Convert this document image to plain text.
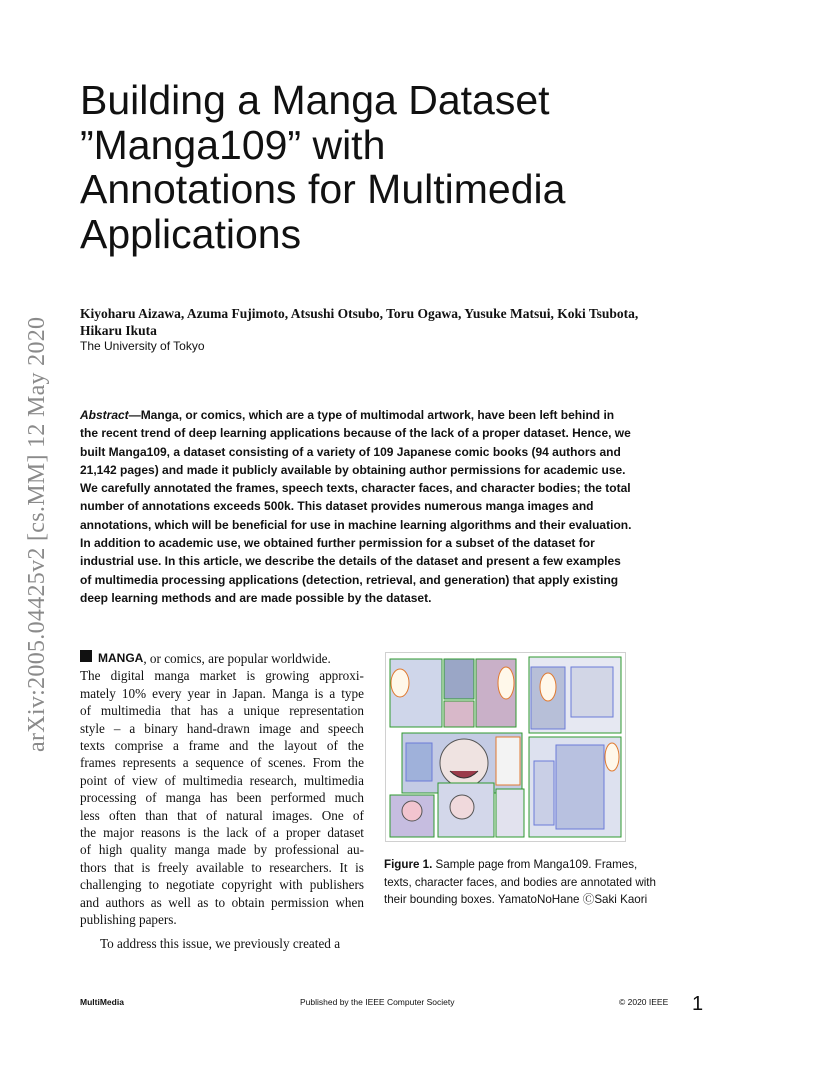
arXiv:2005.04425v2 [cs.MM] 12 May 2020
Building a Manga Dataset
”Manga109” with
Annotations for Multimedia
Applications
Kiyoharu Aizawa, Azuma Fujimoto, Atsushi Otsubo, Toru Ogawa, Yusuke Matsui, Koki Tsubota,
Hikaru Ikuta
The University of Tokyo
Abstract—Manga, or comics, which are a type of multimodal artwork, have been left behind in
the recent trend of deep learning applications because of the lack of a proper dataset. Hence, we
built Manga109, a dataset consisting of a variety of 109 Japanese comic books (94 authors and
21,142 pages) and made it publicly available by obtaining author permissions for academic use.
We carefully annotated the frames, speech texts, character faces, and character bodies; the total
number of annotations exceeds 500k. This dataset provides numerous manga images and
annotations, which will be beneficial for use in machine learning algorithms and their evaluation.
In addition to academic use, we obtained further permission for a subset of the dataset for
industrial use. In this article, we describe the details of the dataset and present a few examples
of multimedia processing applications (detection, retrieval, and generation) that apply existing
deep learning methods and are made possible by the dataset.
MANGA , or comics, are popular worldwide.
The digital manga market is growing approxi-
mately 10% every year in Japan. Manga is a type
of multimedia that has a unique representation
style – a binary hand-drawn image and speech
texts comprise a frame and the layout of the
frames represents a sequence of scenes. From the
point of view of multimedia research, multimedia
processing of manga has been performed much
less often than that of natural images. One of
the major reasons is the lack of a proper dataset
of high quality manga made by professional au-
thors that is freely available to researchers. It is
challenging to negotiate copyright with publishers
and authors as well as to obtain permission when
publishing papers.
To address this issue, we previously created a
Figure 1. Sample page from Manga109. Frames,
texts, character faces, and bodies are annotated with
their bounding boxes. YamatoNoHane ⒸSaki Kaori
MultiMedia	Published by the IEEE Computer Society	© 2020 IEEE 1
